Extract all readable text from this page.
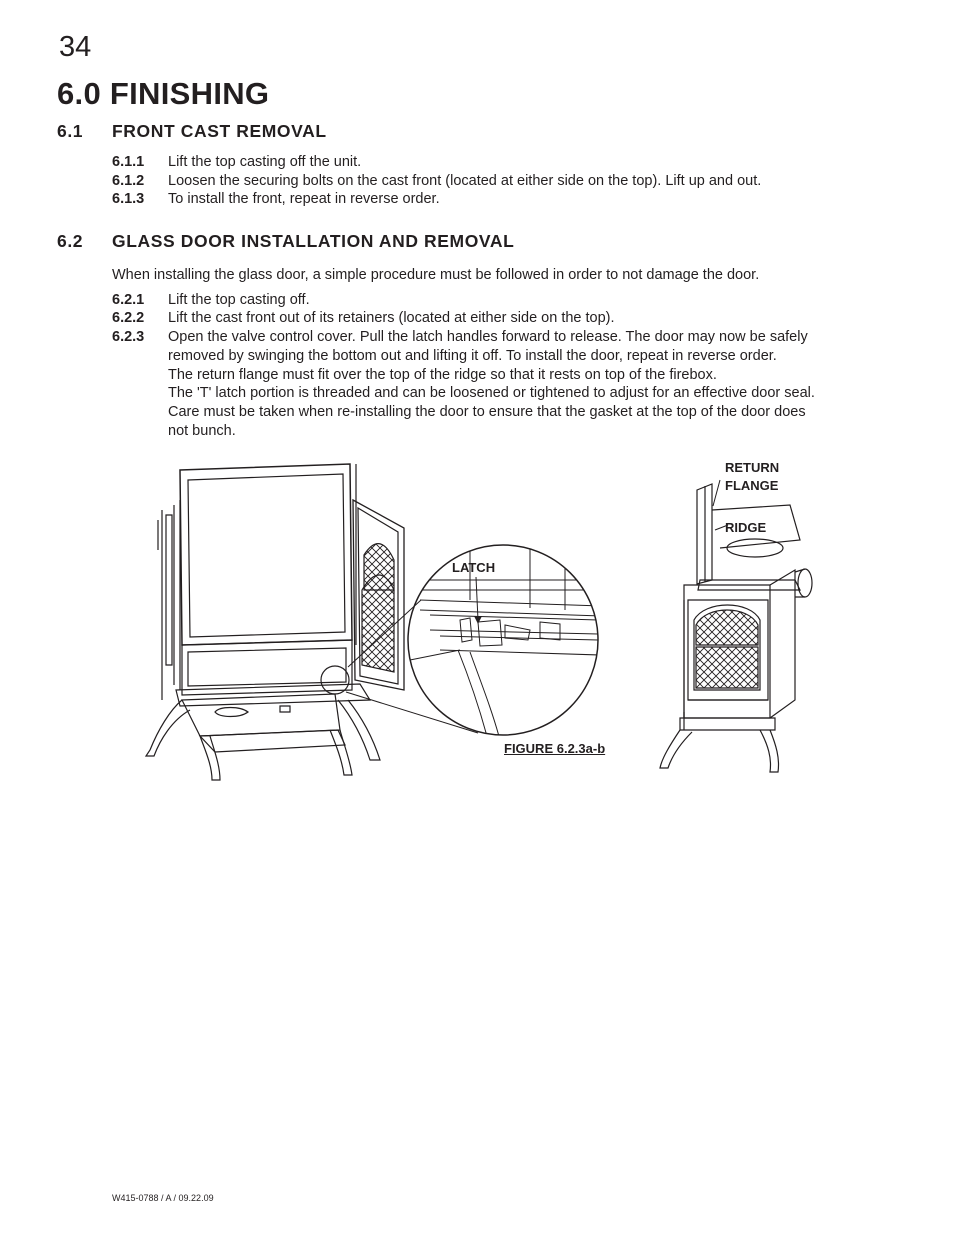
34
6.0 FINISHING
6.1 FRONT CAST REMOVAL
6.1.1 Lift the top casting off the unit.
6.1.2 Loosen the securing bolts on the cast front (located at either side on the top). Lift up and out.
6.1.3 To install the front, repeat in reverse order.
6.2 GLASS DOOR INSTALLATION AND REMOVAL
When installing the glass door, a simple procedure must be followed in order to not damage the door.
6.2.1 Lift the top casting off.
6.2.2 Lift the cast front out of its retainers (located at either side on the top).
6.2.3 Open the valve control cover. Pull the latch handles forward to release. The door may now be safely
removed by swinging the bottom out and lifting it off. To install the door, repeat in reverse order.
The return flange must fit over the top of the ridge so that it rests on top of the firebox.
The 'T' latch portion is threaded and can be loosened or tightened to adjust for an effective door seal.
Care must be taken when re-installing the door to ensure that the gasket at the top of the door does
not bunch.
LATCH
RETURN
FLANGE
RIDGE
FIGURE 6.2.3a-b
W415-0788 / A / 09.22.09
